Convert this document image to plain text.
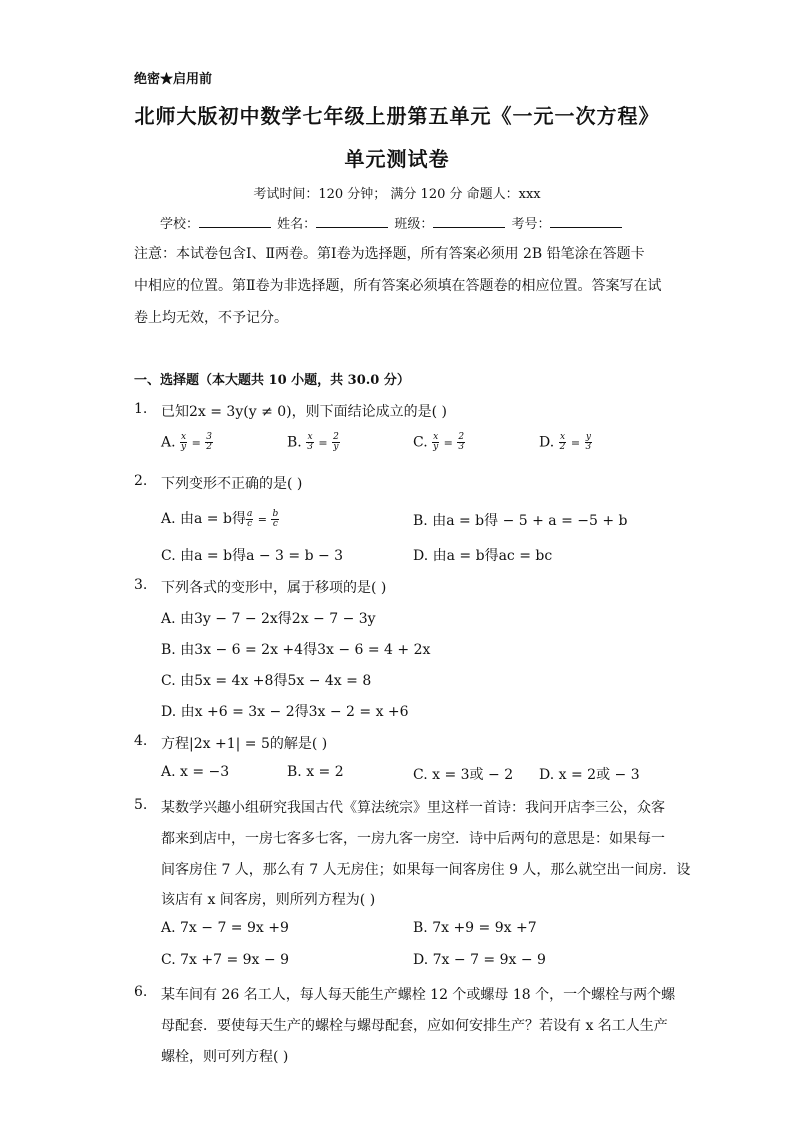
绝密★启用前
北师大版初中数学七年级上册第五单元《一元一次方程》
单元测试卷
考试时间：120 分钟； 满分 120 分 命题人：xxx
学校：	姓名：	班级：	考号：
注意：本试卷包含Ⅰ、Ⅱ两卷。第Ⅰ卷为选择题，所有答案必须用 2B 铅笔涂在答题卡
中相应的位置。第Ⅱ卷为非选择题，所有答案必须填在答题卷的相应位置。答案写在试
卷上均无效，不予记分。
一、选择题（本大题共 10 小题，共 30.0 分）
1. 已知2x = 3y(y ≠ 0)，则下面结论成立的是( )
A. $\frac{x}{y} = \frac{3}{2}$	B. $\frac{x}{3} = \frac{2}{y}$	C. $\frac{x}{y} = \frac{2}{3}$	D. $\frac{x}{2} = \frac{y}{3}$
2. 下列变形不正确的是( )
A. 由a = b得 $\frac{a}{c} = \frac{b}{c}$	B. 由a = b得 − 5 + a = −5 + b
C. 由a = b得a − 3 = b − 3	D. 由a = b得ac = bc
3. 下列各式的变形中，属于移项的是( )
A. 由3y − 7 − 2x得2x − 7 − 3y
B. 由3x − 6 = 2x +4得3x − 6 = 4 + 2x
C. 由5x = 4x +8得5x − 4x = 8
D. 由x +6 = 3x − 2得3x − 2 = x +6
4. 方程|2x +1| = 5的解是( )
A. x = −3	B. x = 2	C. x = 3或 − 2 D. x = 2或 − 3
5. 某数学兴趣小组研究我国古代《算法统宗》里这样一首诗：我问开店李三公，众客
都来到店中，一房七客多七客，一房九客一房空．诗中后两句的意思是：如果每一
间客房住 7 人，那么有 7 人无房住；如果每一间客房住 9 人，那么就空出一间房．设
该店有 x 间客房，则所列方程为( )
A. 7x − 7 = 9x +9	B. 7x +9 = 9x +7
C. 7x +7 = 9x − 9	D. 7x − 7 = 9x − 9
6. 某车间有 26 名工人，每人每天能生产螺栓 12 个或螺母 18 个，一个螺栓与两个螺
母配套．要使每天生产的螺栓与螺母配套，应如何安排生产？若设有 x 名工人生产
螺栓，则可列方程( )
